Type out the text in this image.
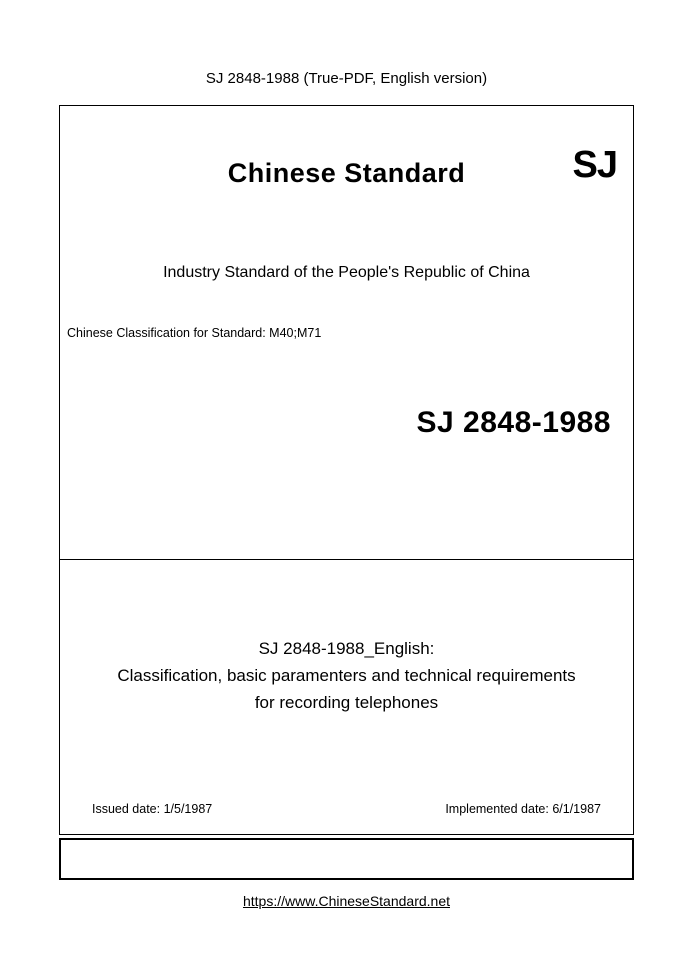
SJ 2848-1988 (True-PDF, English version)
Chinese Standard	SJ
Industry Standard of the People's Republic of China
Chinese Classification for Standard: M40;M71
SJ 2848-1988
SJ 2848-1988_English:
Classification, basic paramenters and technical requirements
for recording telephones
Issued date: 1/5/1987	Implemented date: 6/1/1987
https://www.ChineseStandard.net
